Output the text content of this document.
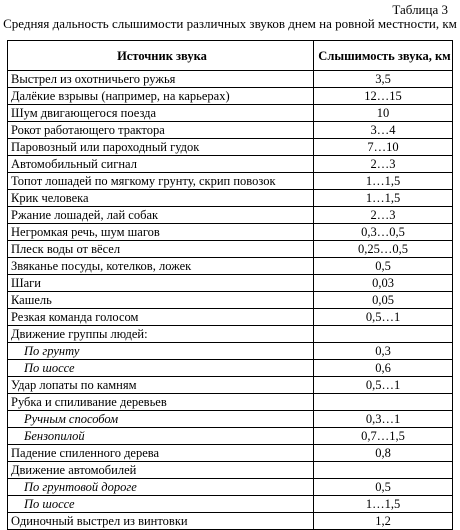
Таблица 3
Средняя дальность слышимости различных звуков днем на ровной местности, км
Источник звука	Слышимость звука, км
Выстрел из охотничьего ружья	3,5
Далёкие взрывы (например, на карьерах)	12…15
Шум двигающегося поезда	10
Рокот работающего трактора	3…4
Паровозный или пароходный гудок	7…10
Автомобильный сигнал	2…3
Топот лошадей по мягкому грунту, скрип повозок	1…1,5
Крик человека	1…1,5
Ржание лошадей, лай собак	2…3
Негромкая речь, шум шагов	0,3…0,5
Плеск воды от вёсел	0,25…0,5
Звяканье посуды, котелков, ложек	0,5
Шаги	0,03
Кашель	0,05
Резкая команда голосом	0,5…1
Движение группы людей:	
По грунту	0,3
По шоссе	0,6
Удар лопаты по камням	0,5…1
Рубка и спиливание деревьев	
Ручным способом	0,3…1
Бензопилой	0,7…1,5
Падение спиленного дерева	0,8
Движение автомобилей	
По грунтовой дороге	0,5
По шоссе	1…1,5
Одиночный выстрел из винтовки	1,2
